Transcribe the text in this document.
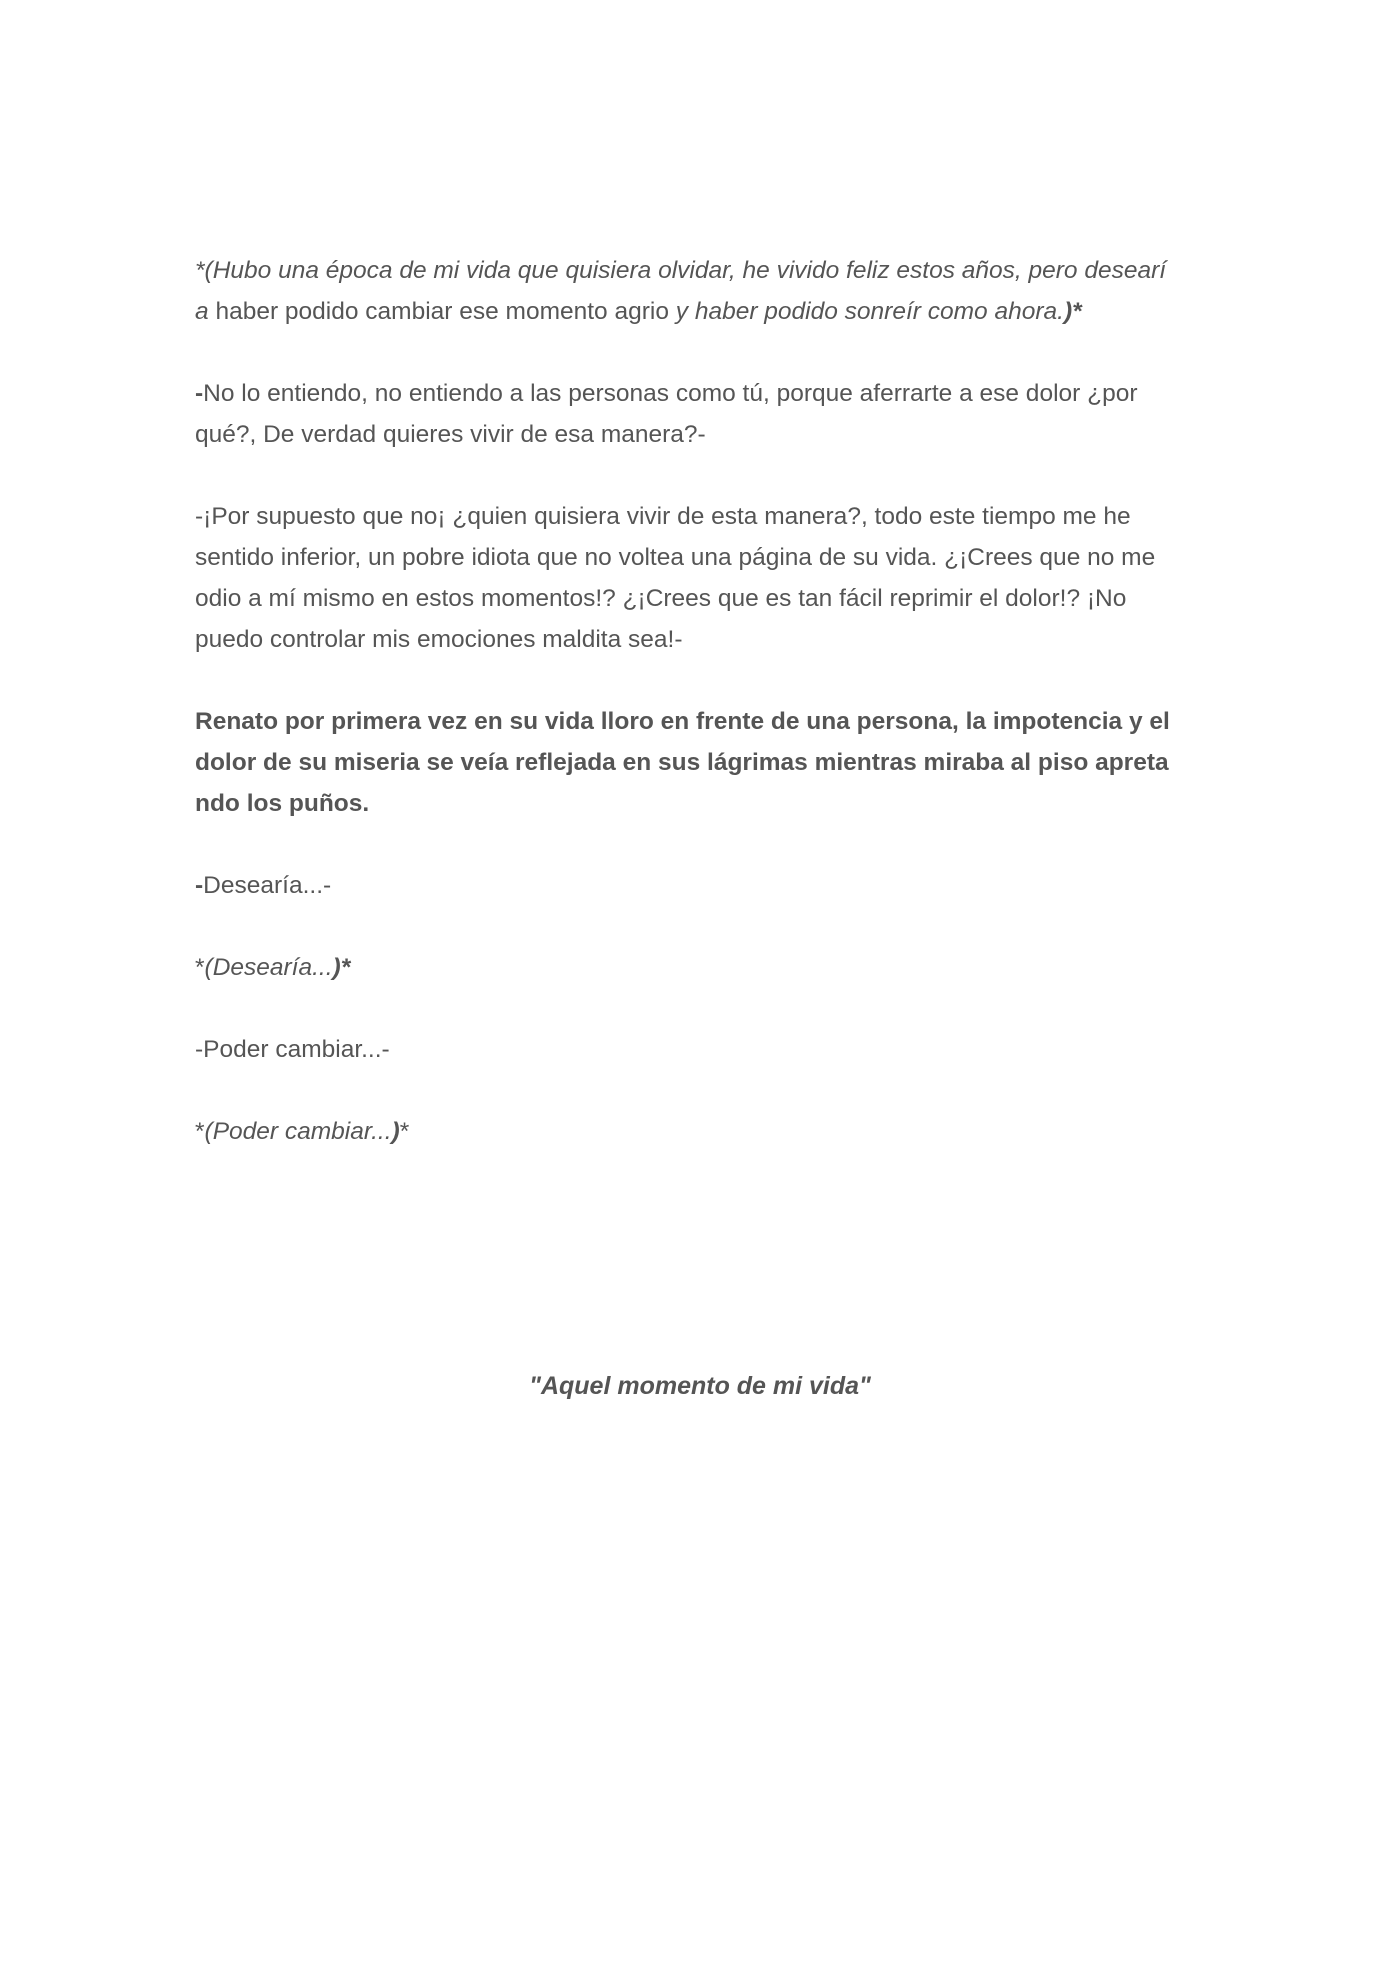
*(Hubo una época de mi vida que quisiera olvidar, he vivido feliz estos años, pero desearí
a haber podido cambiar ese momento agrio y haber podido sonreír como ahora.)*

-No lo entiendo, no entiendo a las personas como tú, porque aferrarte a ese dolor ¿por
qué?, De verdad quieres vivir de esa manera?-

-¡Por supuesto que no¡ ¿quien quisiera vivir de esta manera?, todo este tiempo me he
sentido inferior, un pobre idiota que no voltea una página de su vida. ¿¡Crees que no me
odio a mí mismo en estos momentos!? ¿¡Crees que es tan fácil reprimir el dolor!? ¡No
puedo controlar mis emociones maldita sea!-

Renato por primera vez en su vida lloro en frente de una persona, la impotencia y el
dolor de su miseria se veía reflejada en sus lágrimas mientras miraba al piso apreta
ndo los puños.

-Desearía...-

*(Desearía...)*

-Poder cambiar...-

*(Poder cambiar...)*

"Aquel momento de mi vida"
